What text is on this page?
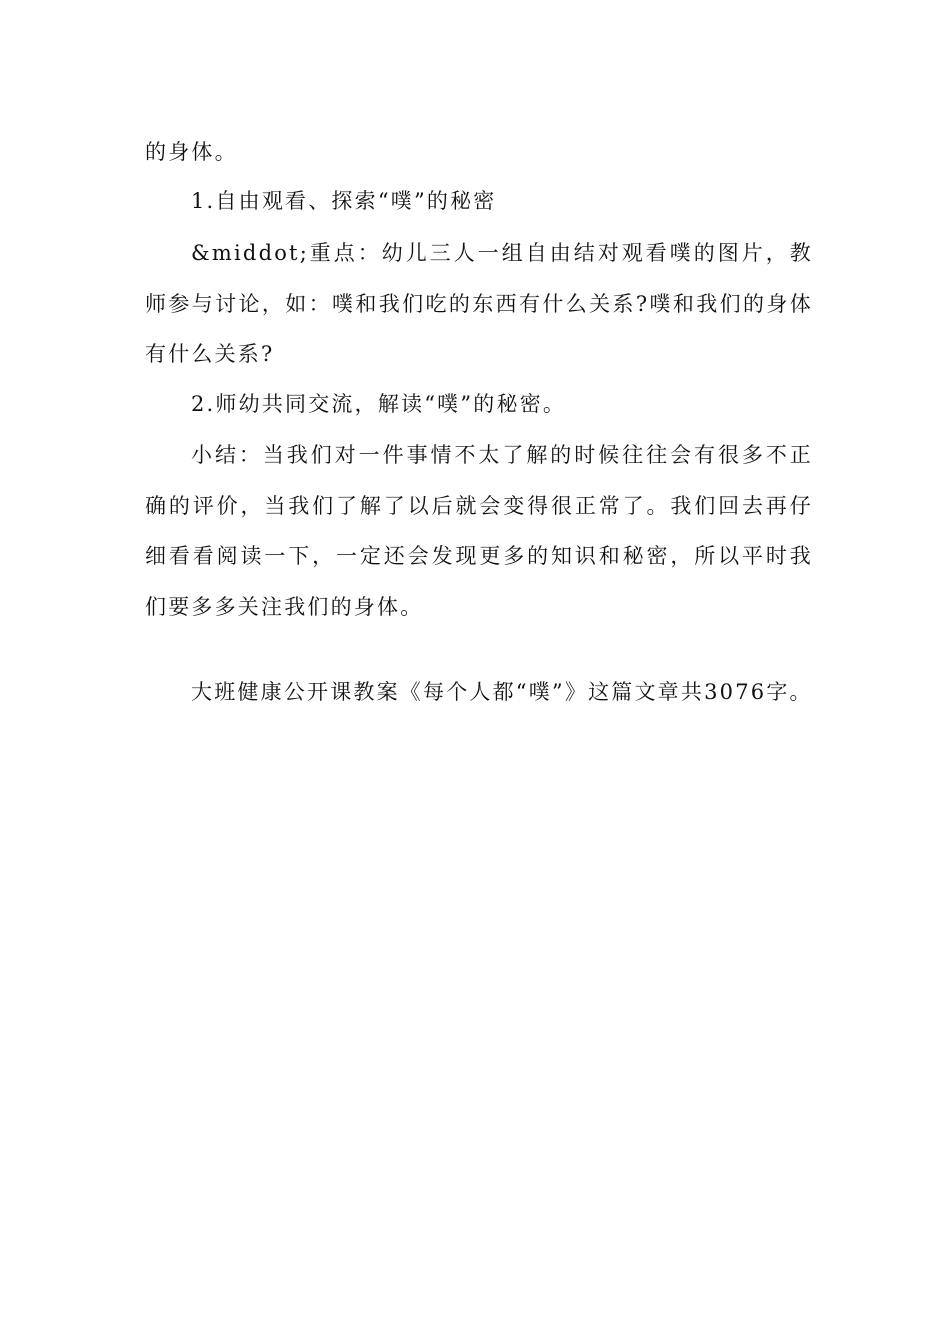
的身体。

1.自由观看、探索“噗”的秘密

&middot;重点：幼儿三人一组自由结对观看噗的图片，教师参与讨论，如：噗和我们吃的东西有什么关系?噗和我们的身体有什么关系?

2.师幼共同交流，解读“噗”的秘密。

小结：当我们对一件事情不太了解的时候往往会有很多不正确的评价，当我们了解了以后就会变得很正常了。我们回去再仔细看看阅读一下，一定还会发现更多的知识和秘密，所以平时我们要多多关注我们的身体。

大班健康公开课教案《每个人都“噗”》这篇文章共3076字。
